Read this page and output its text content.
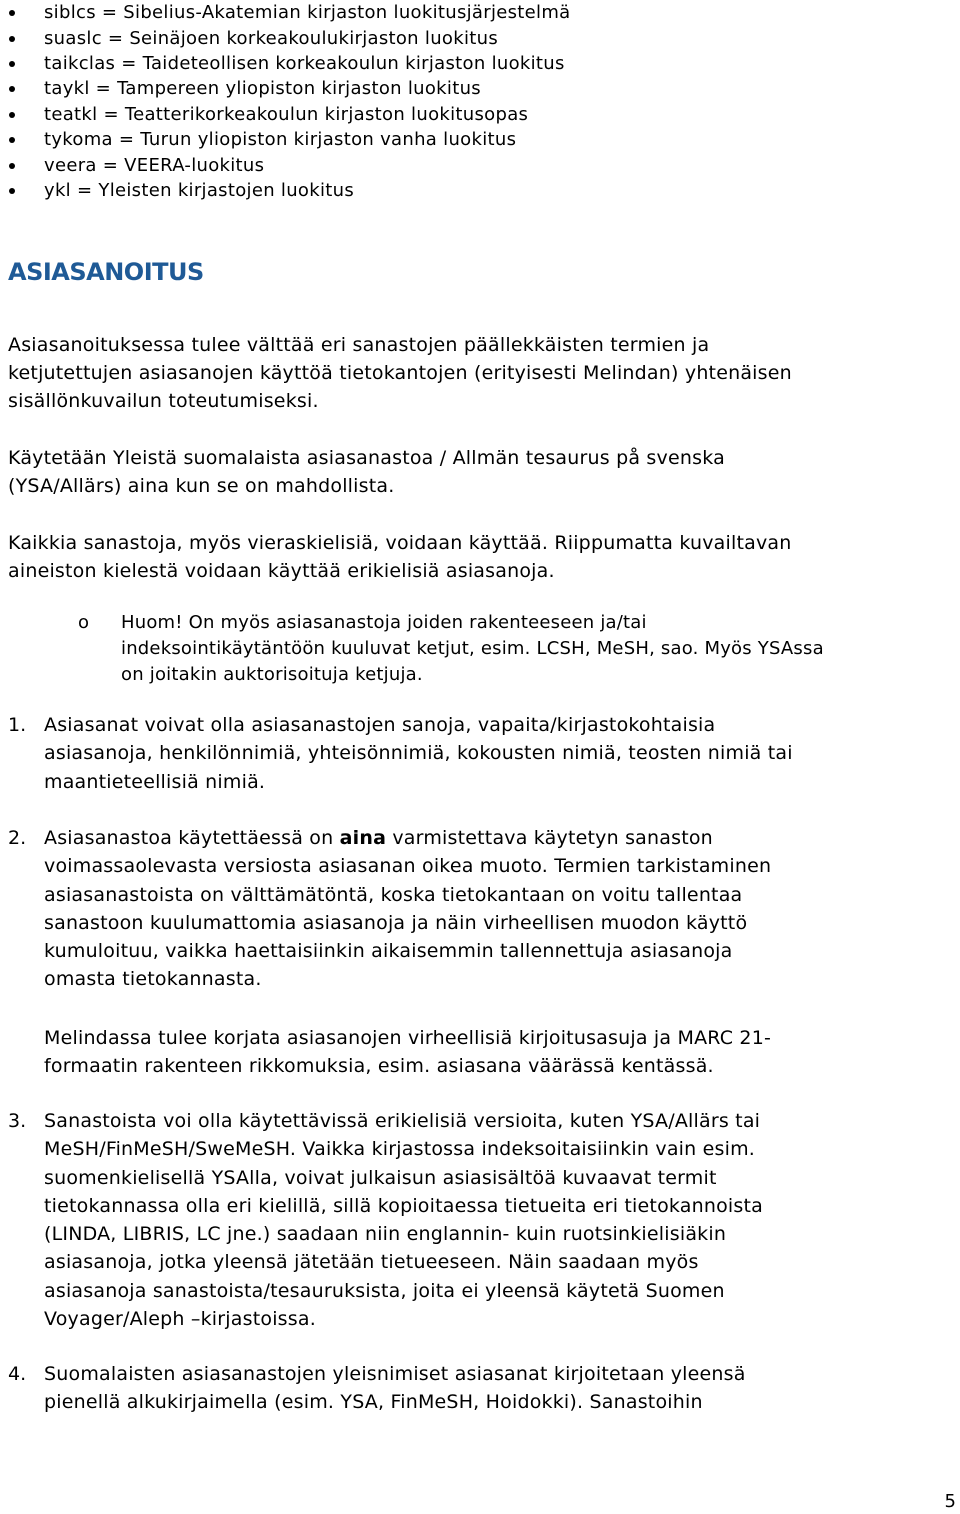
siblcs = Sibelius-Akatemian kirjaston luokitusjärjestelmä
suaslc = Seinäjoen korkeakoulukirjaston luokitus
taikclas = Taideteollisen korkeakoulun kirjaston luokitus
taykl = Tampereen yliopiston kirjaston luokitus
teatkl = Teatterikorkeakoulun kirjaston luokitusopas
tykoma = Turun yliopiston kirjaston vanha luokitus
veera = VEERA-luokitus
ykl = Yleisten kirjastojen luokitus
ASIASANOITUS
Asiasanoituksessa tulee välttää eri sanastojen päällekkäisten termien ja
ketjutettujen asiasanojen käyttöä tietokantojen (erityisesti Melindan) yhtenäisen
sisällönkuvailun toteutumiseksi.
Käytetään Yleistä suomalaista asiasanastoa / Allmän tesaurus på svenska
(YSA/Allärs) aina kun se on mahdollista.
Kaikkia sanastoja, myös vieraskielisiä, voidaan käyttää. Riippumatta kuvailtavan
aineiston kielestä voidaan käyttää erikielisiä asiasanoja.
o Huom! On myös asiasanastoja joiden rakenteeseen ja/tai
indeksointikäytäntöön kuuluvat ketjut, esim. LCSH, MeSH, sao. Myös YSAssa
on joitakin auktorisoituja ketjuja.
1. Asiasanat voivat olla asiasanastojen sanoja, vapaita/kirjastokohtaisia
asiasanoja, henkilönnimiä, yhteisönnimiä, kokousten nimiä, teosten nimiä tai
maantieteellisiä nimiä.
2. Asiasanastoa käytettäessä on aina varmistettava käytetyn sanaston
voimassaolevasta versiosta asiasanan oikea muoto. Termien tarkistaminen
asiasanastoista on välttämätöntä, koska tietokantaan on voitu tallentaa
sanastoon kuulumattomia asiasanoja ja näin virheellisen muodon käyttö
kumuloituu, vaikka haettaisiinkin aikaisemmin tallennettuja asiasanoja
omasta tietokannasta.
Melindassa tulee korjata asiasanojen virheellisiä kirjoitusasuja ja MARC 21-
formaatin rakenteen rikkomuksia, esim. asiasana väärässä kentässä.
3. Sanastoista voi olla käytettävissä erikielisiä versioita, kuten YSA/Allärs tai
MeSH/FinMeSH/SweMeSH. Vaikka kirjastossa indeksoitaisiinkin vain esim.
suomenkielisellä YSAlla, voivat julkaisun asiasisältöä kuvaavat termit
tietokannassa olla eri kielillä, sillä kopioitaessa tietueita eri tietokannoista
(LINDA, LIBRIS, LC jne.) saadaan niin englannin- kuin ruotsinkielisiäkin
asiasanoja, jotka yleensä jätetään tietueeseen. Näin saadaan myös
asiasanoja sanastoista/tesauruksista, joita ei yleensä käytetä Suomen
Voyager/Aleph –kirjastoissa.
4. Suomalaisten asiasanastojen yleisnimiset asiasanat kirjoitetaan yleensä
pienellä alkukirjaimella (esim. YSA, FinMeSH, Hoidokki). Sanastoihin
5
